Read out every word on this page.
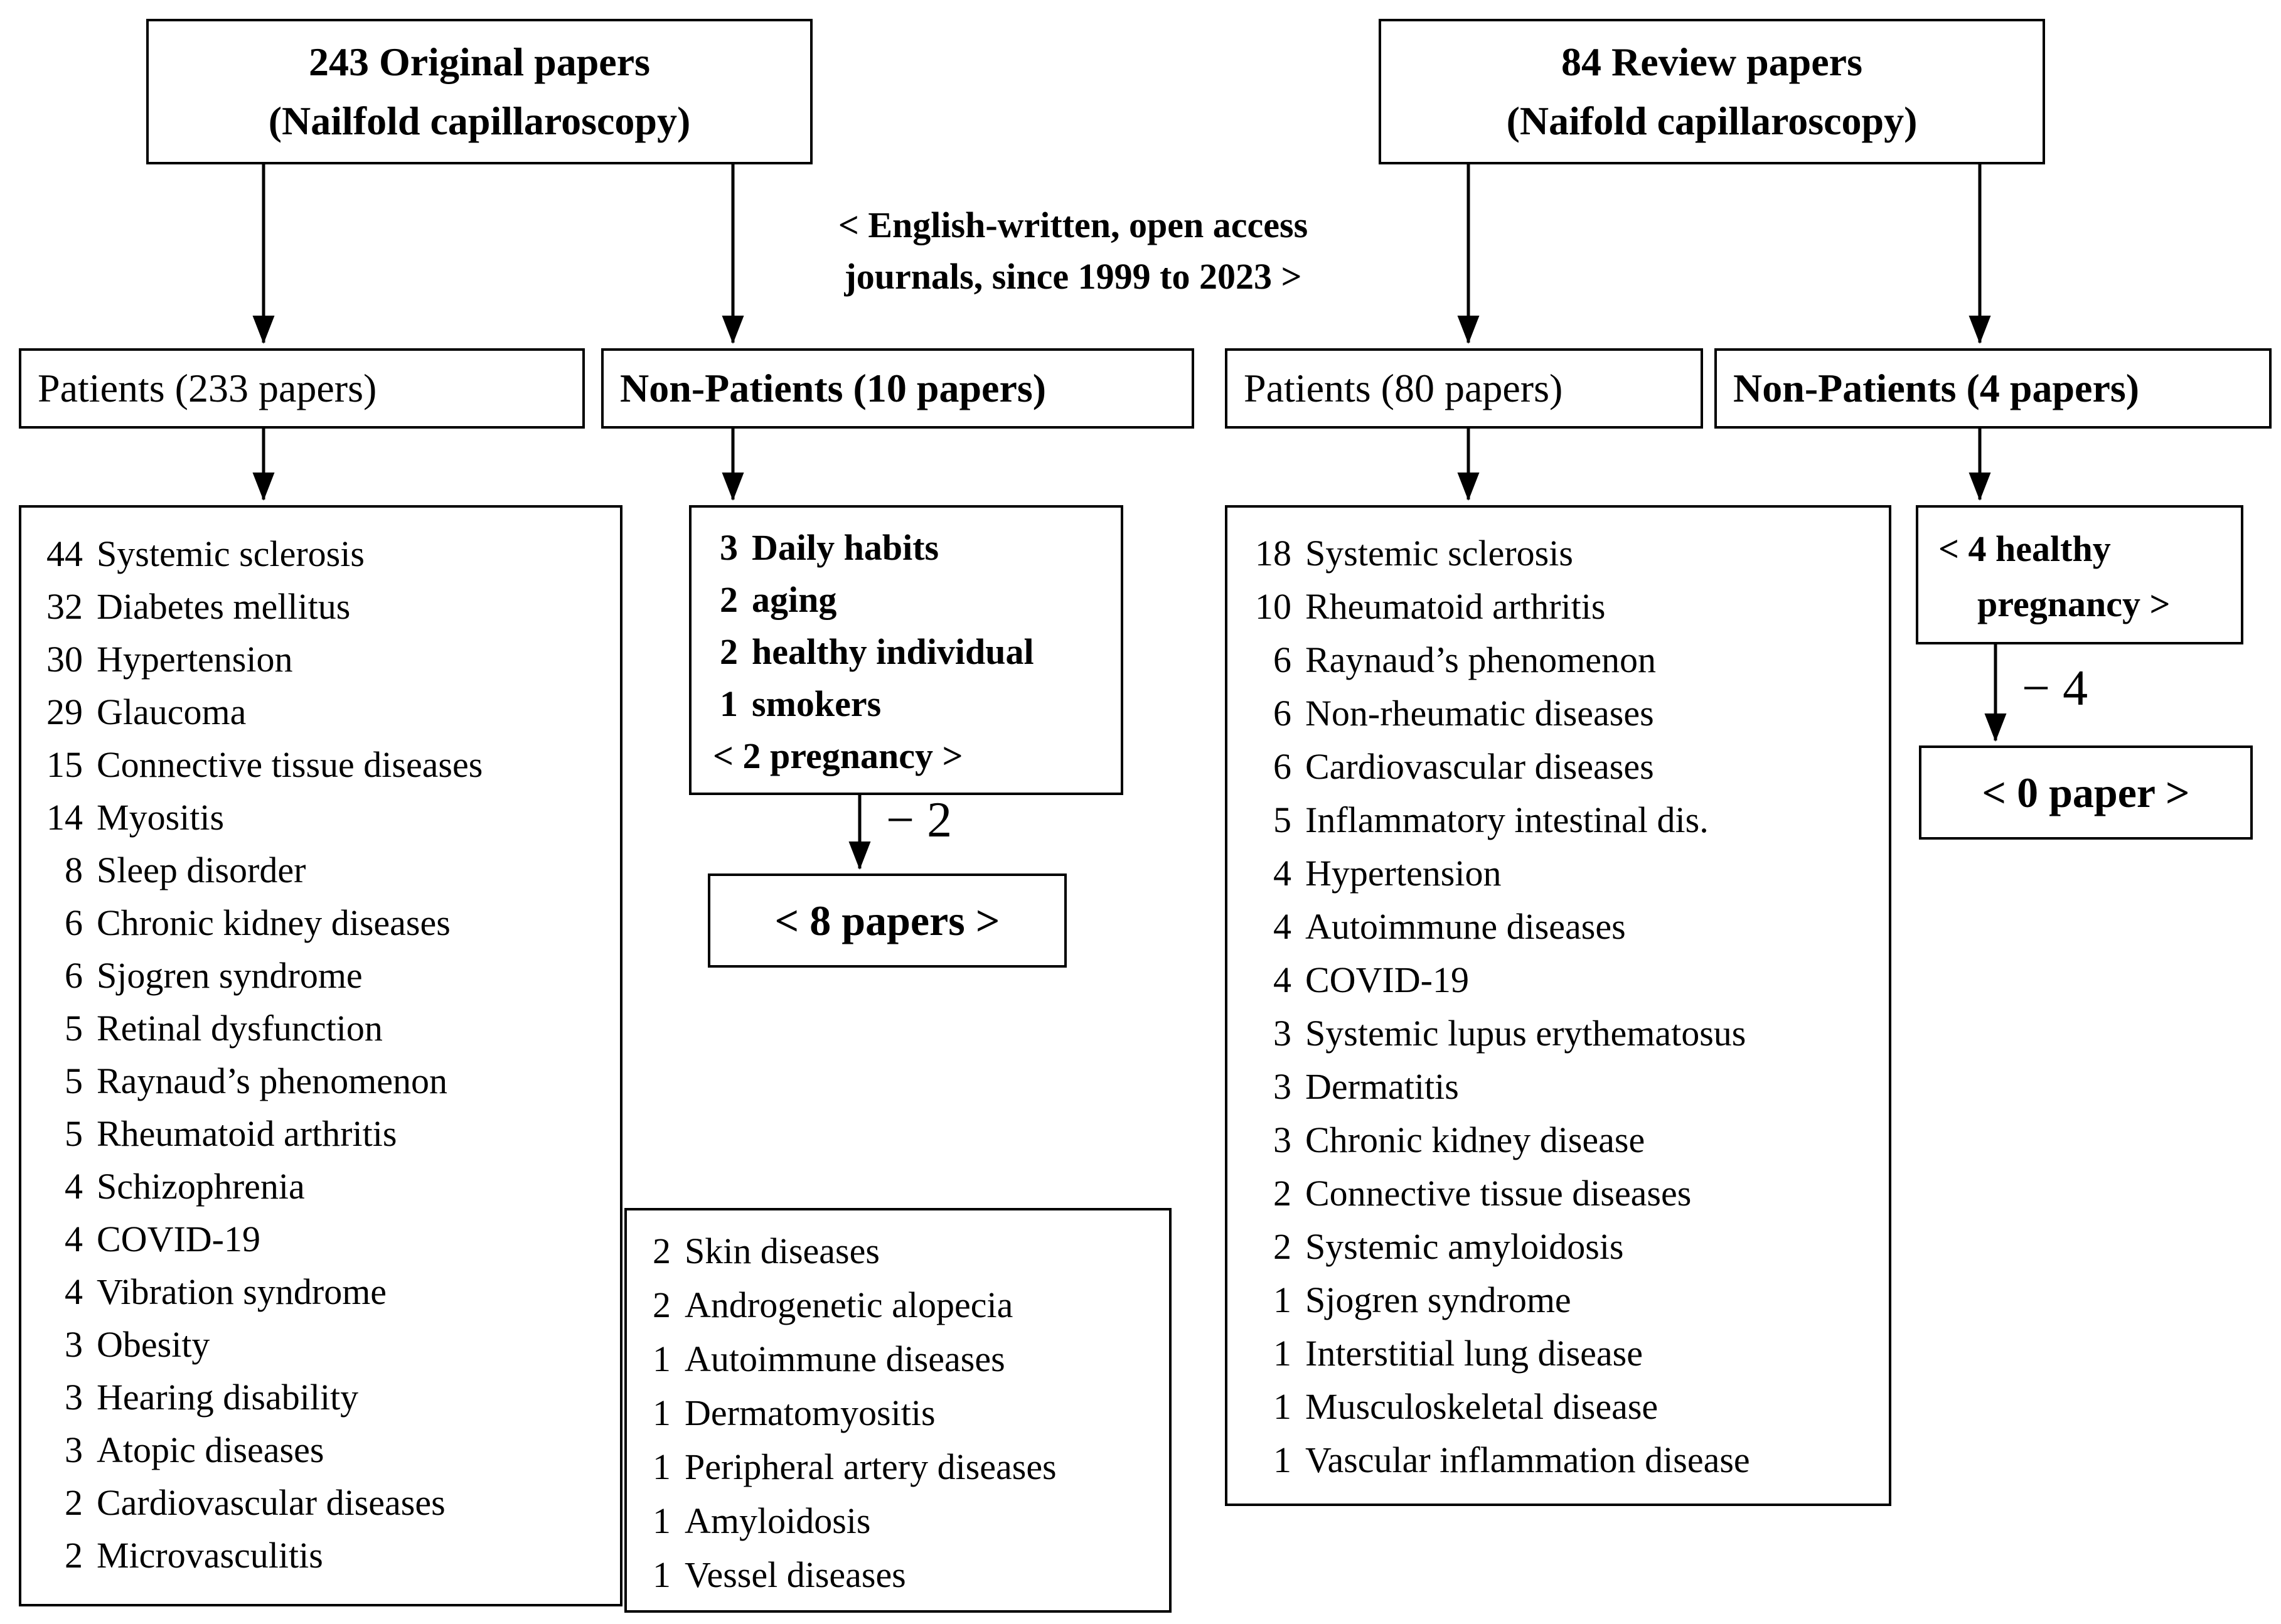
243 Original papers
(Nailfold capillaroscopy)
84 Review papers
(Naifold capillaroscopy)
< English-written, open access
journals, since 1999 to 2023 >
Patients (233 papers)	Non-Patients (10 papers)	Patients (80 papers)	Non-Patients (4 papers)
44 Systemic sclerosis
32 Diabetes mellitus
30 Hypertension
29 Glaucoma
15 Connective tissue diseases
14 Myositis
8 Sleep disorder
6 Chronic kidney diseases
6 Sjogren syndrome
5 Retinal dysfunction
5 Raynaud’s phenomenon
5 Rheumatoid arthritis
4 Schizophrenia
4 COVID-19
4 Vibration syndrome
3 Obesity
3 Hearing disability
3 Atopic diseases
2 Cardiovascular diseases
2 Microvasculitis
3 Daily habits
2 aging
2 healthy individual
1 smokers
< 2 pregnancy >
− 2
< 8 papers >
2 Skin diseases
2 Androgenetic alopecia
1 Autoimmune diseases
1 Dermatomyositis
1 Peripheral artery diseases
1 Amyloidosis
1 Vessel diseases
18 Systemic sclerosis
10 Rheumatoid arthritis
6 Raynaud’s phenomenon
6 Non-rheumatic diseases
6 Cardiovascular diseases
5 Inflammatory intestinal dis.
4 Hypertension
4 Autoimmune diseases
4 COVID-19
3 Systemic lupus erythematosus
3 Dermatitis
3 Chronic kidney disease
2 Connective tissue diseases
2 Systemic amyloidosis
1 Sjogren syndrome
1 Interstitial lung disease
1 Musculoskeletal disease
1 Vascular inflammation disease
< 4 healthy
pregnancy >
− 4
< 0 paper >
